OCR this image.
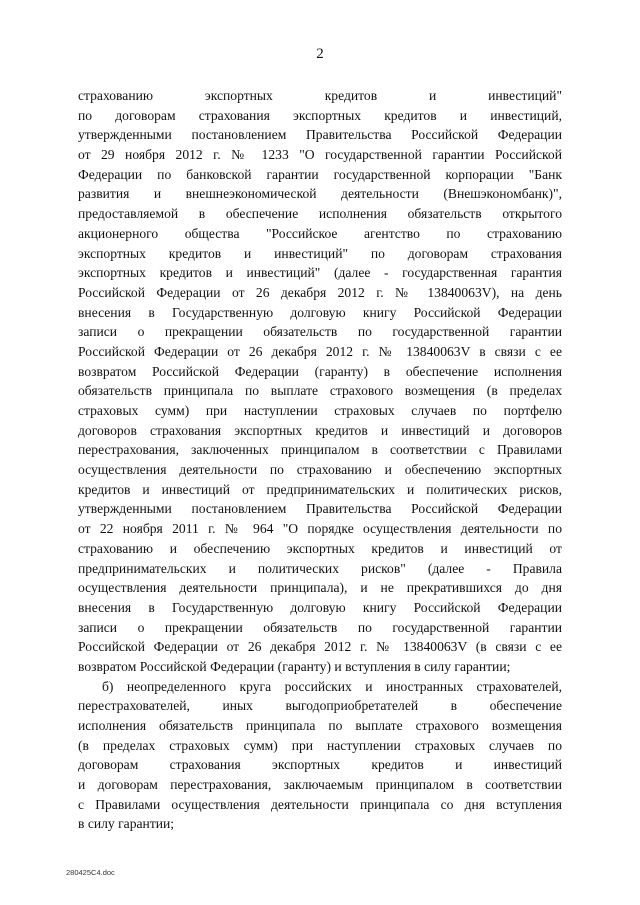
2
страхованию экспортных кредитов и инвестиций"
по договорам страхования экспортных кредитов и инвестиций,
утвержденными постановлением Правительства Российской Федерации
от 29 ноября 2012 г. № 1233 "О государственной гарантии Российской
Федерации по банковской гарантии государственной корпорации "Банк
развития и внешнеэкономической деятельности (Внешэкономбанк)",
предоставляемой в обеспечение исполнения обязательств открытого
акционерного общества "Российское агентство по страхованию
экспортных кредитов и инвестиций" по договорам страхования
экспортных кредитов и инвестиций" (далее - государственная гарантия
Российской Федерации от 26 декабря 2012 г. № 13840063V), на день
внесения в Государственную долговую книгу Российской Федерации
записи о прекращении обязательств по государственной гарантии
Российской Федерации от 26 декабря 2012 г. № 13840063V в связи с ее
возвратом Российской Федерации (гаранту) в обеспечение исполнения
обязательств принципала по выплате страхового возмещения (в пределах
страховых сумм) при наступлении страховых случаев по портфелю
договоров страхования экспортных кредитов и инвестиций и договоров
перестрахования, заключенных принципалом в соответствии с Правилами
осуществления деятельности по страхованию и обеспечению экспортных
кредитов и инвестиций от предпринимательских и политических рисков,
утвержденными постановлением Правительства Российской Федерации
от 22 ноября 2011 г. № 964 "О порядке осуществления деятельности по
страхованию и обеспечению экспортных кредитов и инвестиций от
предпринимательских и политических рисков" (далее - Правила
осуществления деятельности принципала), и не прекратившихся до дня
внесения в Государственную долговую книгу Российской Федерации
записи о прекращении обязательств по государственной гарантии
Российской Федерации от 26 декабря 2012 г. № 13840063V (в связи с ее
возвратом Российской Федерации (гаранту) и вступления в силу гарантии;
б) неопределенного круга российских и иностранных страхователей,
перестрахователей, иных выгодоприобретателей в обеспечение
исполнения обязательств принципала по выплате страхового возмещения
(в пределах страховых сумм) при наступлении страховых случаев по
договорам страхования экспортных кредитов и инвестиций
и договорам перестрахования, заключаемым принципалом в соответствии
с Правилами осуществления деятельности принципала со дня вступления
в силу гарантии;
280425С4.doc
